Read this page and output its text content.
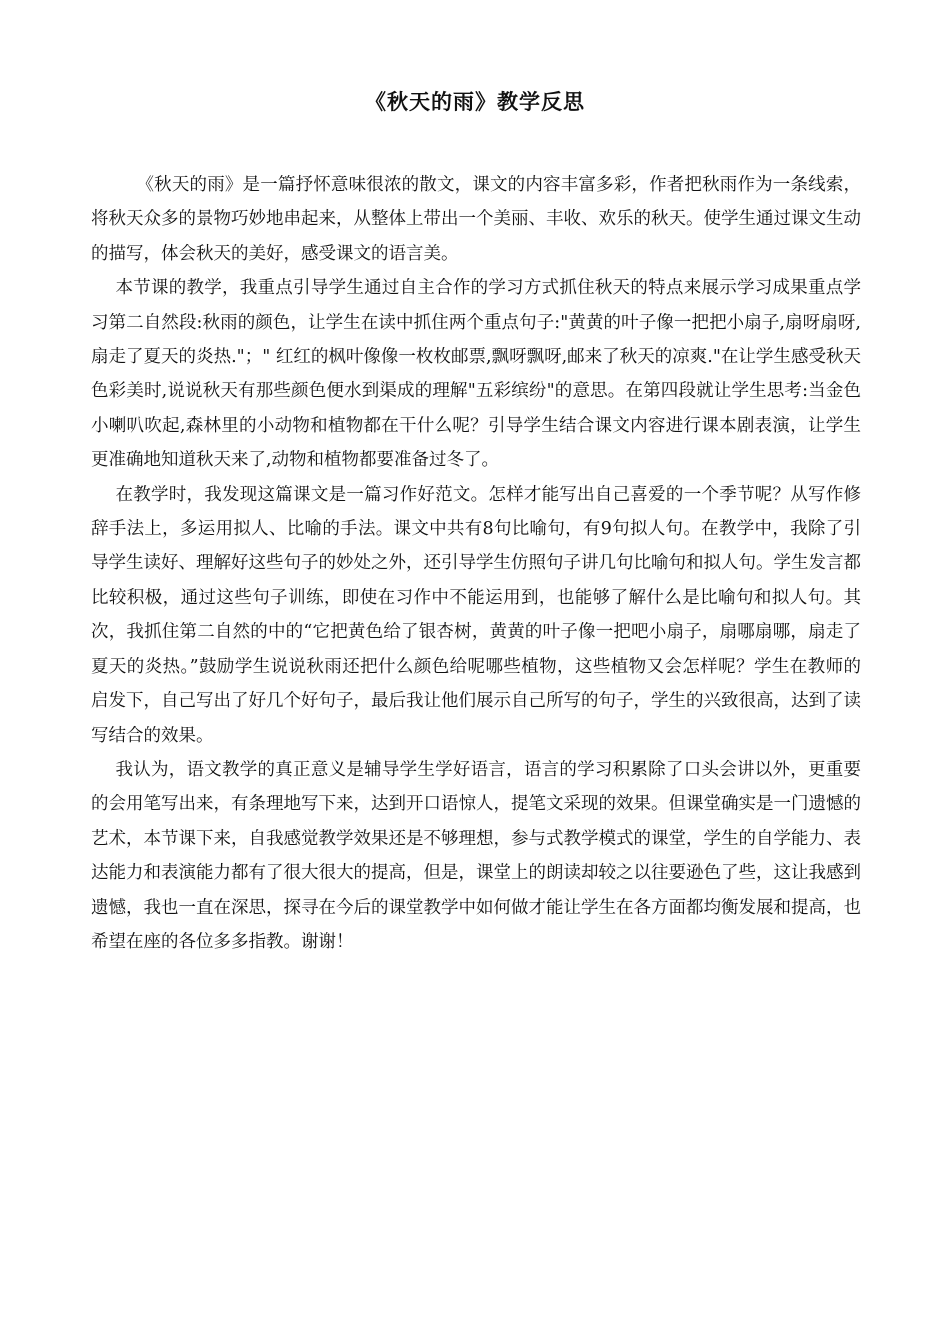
《秋天的雨》教学反思

《秋天的雨》是一篇抒怀意味很浓的散文，课文的内容丰富多彩，作者把秋雨作为一条线索，将秋天众多的景物巧妙地串起来，从整体上带出一个美丽、丰收、欢乐的秋天。使学生通过课文生动的描写，体会秋天的美好，感受课文的语言美。

本节课的教学，我重点引导学生通过自主合作的学习方式抓住秋天的特点来展示学习成果重点学习第二自然段:秋雨的颜色，让学生在读中抓住两个重点句子:"黄黄的叶子像一把把小扇子,扇呀扇呀,扇走了夏天的炎热."；" 红红的枫叶像像一枚枚邮票,飘呀飘呀,邮来了秋天的凉爽."在让学生感受秋天色彩美时,说说秋天有那些颜色便水到渠成的理解"五彩缤纷"的意思。在第四段就让学生思考:当金色小喇叭吹起,森林里的小动物和植物都在干什么呢？引导学生结合课文内容进行课本剧表演，让学生更准确地知道秋天来了,动物和植物都要准备过冬了。

在教学时，我发现这篇课文是一篇习作好范文。怎样才能写出自己喜爱的一个季节呢？从写作修辞手法上，多运用拟人、比喻的手法。课文中共有8句比喻句，有9句拟人句。在教学中，我除了引导学生读好、理解好这些句子的妙处之外，还引导学生仿照句子讲几句比喻句和拟人句。学生发言都比较积极，通过这些句子训练，即使在习作中不能运用到，也能够了解什么是比喻句和拟人句。其次，我抓住第二自然的中的“它把黄色给了银杏树，黄黄的叶子像一把吧小扇子，扇哪扇哪，扇走了夏天的炎热。”鼓励学生说说秋雨还把什么颜色给呢哪些植物，这些植物又会怎样呢？学生在教师的启发下，自己写出了好几个好句子，最后我让他们展示自己所写的句子，学生的兴致很高，达到了读写结合的效果。

我认为，语文教学的真正意义是辅导学生学好语言，语言的学习积累除了口头会讲以外，更重要的会用笔写出来，有条理地写下来，达到开口语惊人，提笔文采现的效果。但课堂确实是一门遗憾的艺术，本节课下来，自我感觉教学效果还是不够理想，参与式教学模式的课堂，学生的自学能力、表达能力和表演能力都有了很大很大的提高，但是，课堂上的朗读却较之以往要逊色了些，这让我感到遗憾，我也一直在深思，探寻在今后的课堂教学中如何做才能让学生在各方面都均衡发展和提高，也希望在座的各位多多指教。谢谢！
